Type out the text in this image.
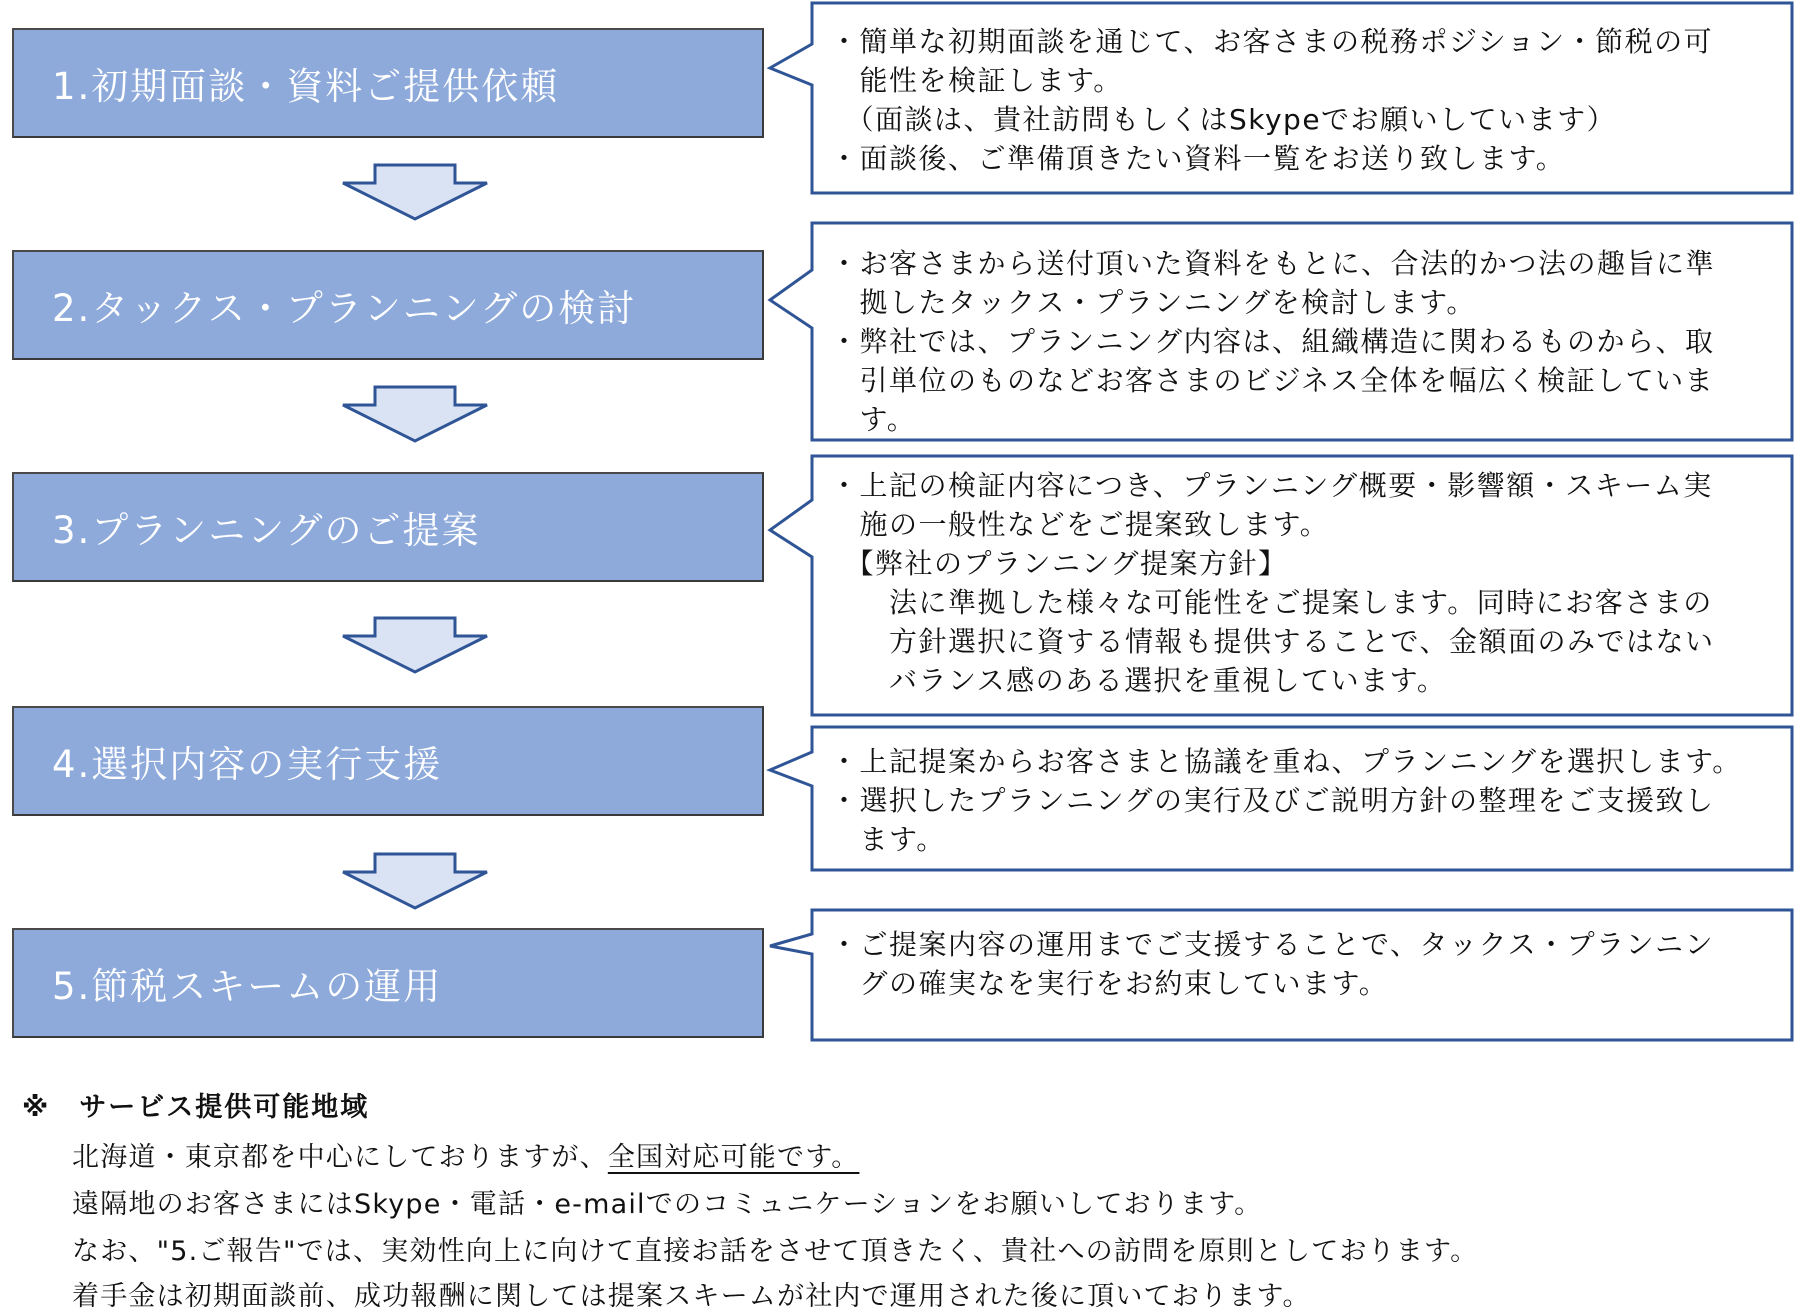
1.初期面談・資料ご提供依頼
2.タックス・プランニングの検討
3.プランニングのご提案
4.選択内容の実行支援
5.節税スキームの運用
・簡単な初期面談を通じて、お客さまの税務ポジション・節税の可
　能性を検証します。
　（面談は、貴社訪問もしくはSkypeでお願いしています）
・面談後、ご準備頂きたい資料一覧をお送り致します。
・お客さまから送付頂いた資料をもとに、合法的かつ法の趣旨に準
　拠したタックス・プランニングを検討します。
・弊社では、プランニング内容は、組織構造に関わるものから、取
　引単位のものなどお客さまのビジネス全体を幅広く検証していま
　す。
・上記の検証内容につき、プランニング概要・影響額・スキーム実
　施の一般性などをご提案致します。
　【弊社のプランニング提案方針】
　　法に準拠した様々な可能性をご提案します。同時にお客さまの
　　方針選択に資する情報も提供することで、金額面のみではない
　　バランス感のある選択を重視しています。
・上記提案からお客さまと協議を重ね、プランニングを選択します。
・選択したプランニングの実行及びご説明方針の整理をご支援致し
　ます。
・ご提案内容の運用までご支援することで、タックス・プランニン
　グの確実なを実行をお約束しています。
※　サービス提供可能地域
北海道・東京都を中心にしておりますが、全国対応可能です。
遠隔地のお客さまにはSkype・電話・e-mailでのコミュニケーションをお願いしております。
なお、"5.ご報告"では、実効性向上に向けて直接お話をさせて頂きたく、貴社への訪問を原則としております。
着手金は初期面談前、成功報酬に関しては提案スキームが社内で運用された後に頂いております。
